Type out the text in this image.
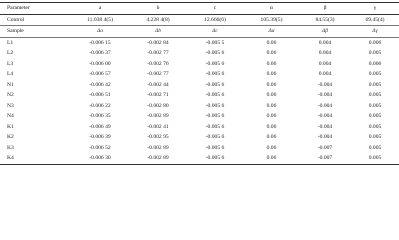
Parameter	a	b	c	α	β	γ
Control	11.038 4(5)	4.228 4(8)	12.666(6)	105.39(5)	84.55(3)	69.45(4)
Sample	Δa	Δb	Δc	Δα	Δβ	Δγ
L1	-0.006 15	-0.002 84	-0.005 5	0.06	0.004	0.006
L2	-0.006 37	-0.002 77	-0.005 6	0.06	0.004	0.005
L3	-0.006 00	-0.002 76	-0.005 6	0.06	0.004	0.006
L4	-0.006 57	-0.002 77	-0.005 6	0.06	0.004	0.005
N1	-0.006 42	-0.002 44	-0.005 6	0.06	-0.004	0.005
N2	-0.006 51	-0.002 71	-0.005 6	0.06	-0.004	0.005
N3	-0.006 22	-0.002 80	-0.005 6	0.06	-0.004	0.005
N4	-0.006 35	-0.002 89	-0.005 6	0.06	-0.004	0.005
K1	-0.006 49	-0.002 41	-0.005 6	0.06	-0.004	0.005
K2	-0.006 39	-0.002 95	-0.005 6	0.06	-0.004	0.005
K3	-0.006 52	-0.002 89	-0.005 6	0.06	-0.007	0.005
K4	-0.006 30	-0.002 89	-0.005 6	0.06	-0.007	0.005
